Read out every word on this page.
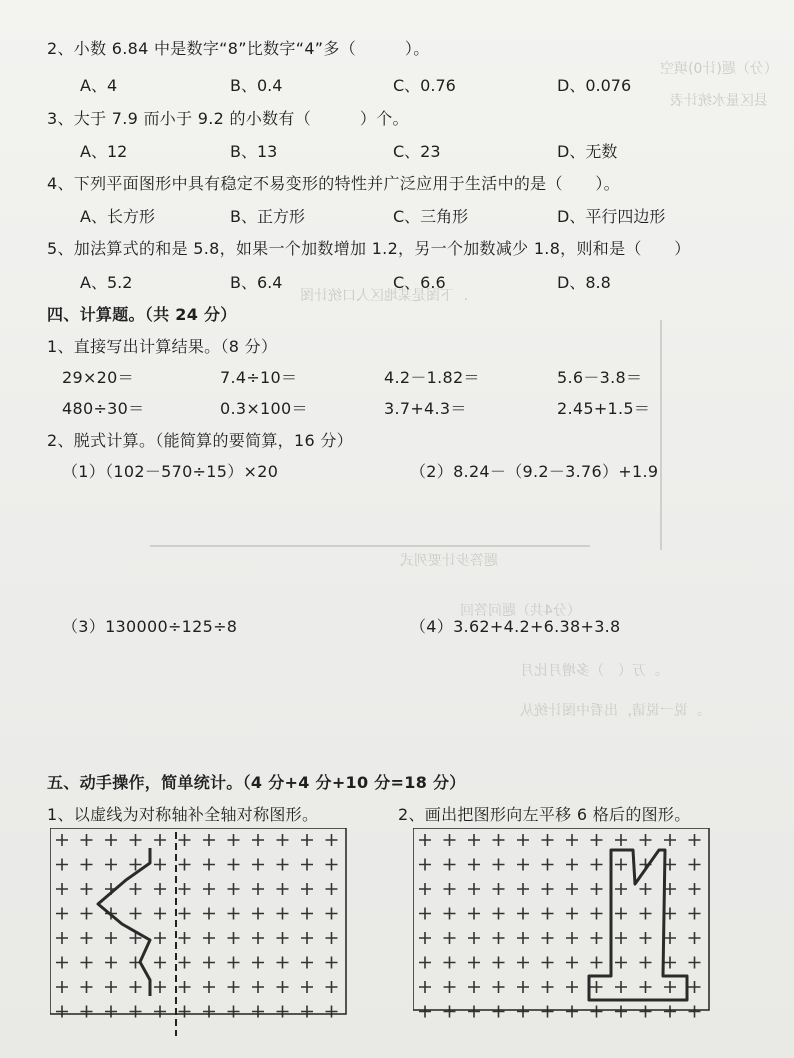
（分）题(计0)填空
县区量水统计表
．下图是某地区人口统计图
题答步计要列式
（分4共）题问答回
。万（　）多增月比月
。说一说请，出看中图计统从
2、小数 6.84 中是数字“8”比数字“4”多（　　　）。
A、4	B、0.4	C、0.76	D、0.076
3、大于 7.9 而小于 9.2 的小数有（　　　）个。
A、12	B、13	C、23	D、无数
4、下列平面图形中具有稳定不易变形的特性并广泛应用于生活中的是（　　）。
A、长方形	B、正方形	C、三角形	D、平行四边形
5、加法算式的和是 5.8，如果一个加数增加 1.2，另一个加数减少 1.8，则和是（　　）
A、5.2	B、6.4	C、6.6	D、8.8
四、计算题。（共 24 分）
1、直接写出计算结果。（8 分）
29×20＝	7.4÷10＝	4.2－1.82＝	5.6－3.8＝
480÷30＝	0.3×100＝	3.7+4.3＝	2.45+1.5＝
2、脱式计算。（能简算的要简算，16 分）
（1）（102－570÷15）×20	（2）8.24－（9.2－3.76）+1.9
（3）130000÷125÷8	（4）3.62+4.2+6.38+3.8
五、动手操作，简单统计。（4 分+4 分+10 分=18 分）
1、以虚线为对称轴补全轴对称图形。	2、画出把图形向左平移 6 格后的图形。
